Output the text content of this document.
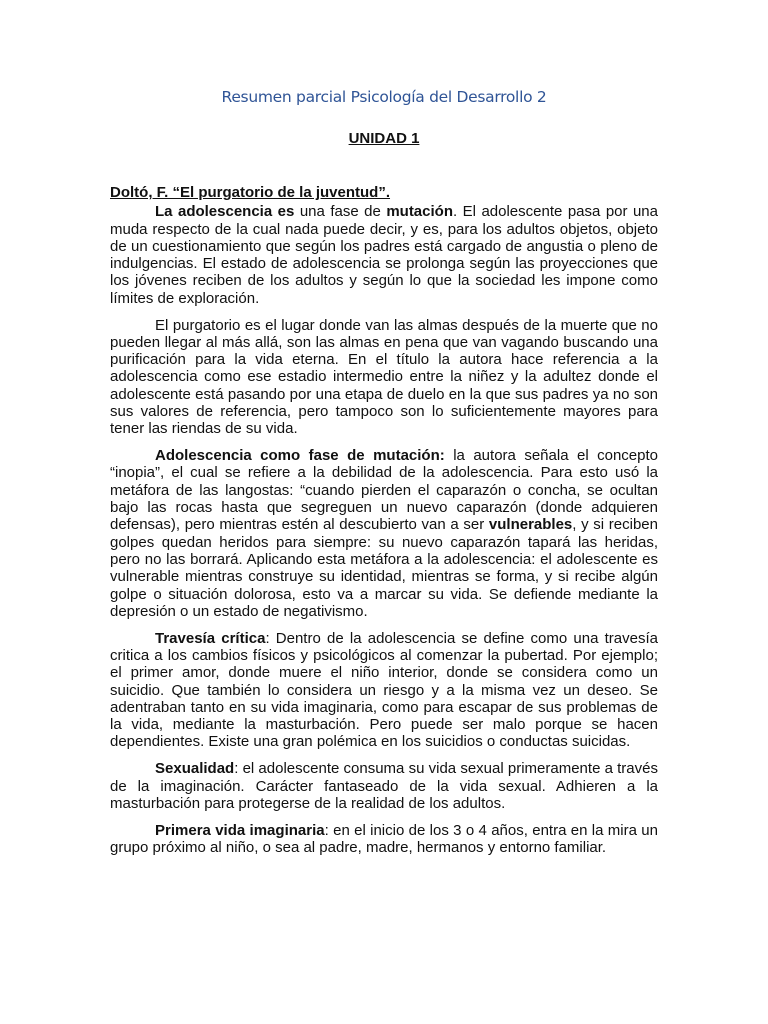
Resumen parcial Psicología del Desarrollo 2
UNIDAD 1
Doltó, F. “El purgatorio de la juventud”.

La adolescencia es una fase de mutación. El adolescente pasa por una muda respecto de la cual nada puede decir, y es, para los adultos objetos, objeto de un cuestionamiento que según los padres está cargado de angustia o pleno de indulgencias. El estado de adolescencia se prolonga según las proyecciones que los jóvenes reciben de los adultos y según lo que la sociedad les impone como límites de exploración.

El purgatorio es el lugar donde van las almas después de la muerte que no pueden llegar al más allá, son las almas en pena que van vagando buscando una purificación para la vida eterna. En el título la autora hace referencia a la adolescencia como ese estadio intermedio entre la niñez y la adultez donde el adolescente está pasando por una etapa de duelo en la que sus padres ya no son sus valores de referencia, pero tampoco son lo suficientemente mayores para tener las riendas de su vida.

Adolescencia como fase de mutación: la autora señala el concepto “inopia”, el cual se refiere a la debilidad de la adolescencia. Para esto usó la metáfora de las langostas: “cuando pierden el caparazón o concha, se ocultan bajo las rocas hasta que segreguen un nuevo caparazón (donde adquieren defensas), pero mientras estén al descubierto van a ser vulnerables, y si reciben golpes quedan heridos para siempre: su nuevo caparazón tapará las heridas, pero no las borrará. Aplicando esta metáfora a la adolescencia: el adolescente es vulnerable mientras construye su identidad, mientras se forma, y si recibe algún golpe o situación dolorosa, esto va a marcar su vida. Se defiende mediante la depresión o un estado de negativismo.

Travesía crítica: Dentro de la adolescencia se define como una travesía critica a los cambios físicos y psicológicos al comenzar la pubertad. Por ejemplo; el primer amor, donde muere el niño interior, donde se considera como un suicidio. Que también lo considera un riesgo y a la misma vez un deseo. Se adentraban tanto en su vida imaginaria, como para escapar de sus problemas de la vida, mediante la masturbación. Pero puede ser malo porque se hacen dependientes. Existe una gran polémica en los suicidios o conductas suicidas.

Sexualidad: el adolescente consuma su vida sexual primeramente a través de la imaginación. Carácter fantaseado de la vida sexual. Adhieren a la masturbación para protegerse de la realidad de los adultos.

Primera vida imaginaria: en el inicio de los 3 o 4 años, entra en la mira un grupo próximo al niño, o sea al padre, madre, hermanos y entorno familiar.
